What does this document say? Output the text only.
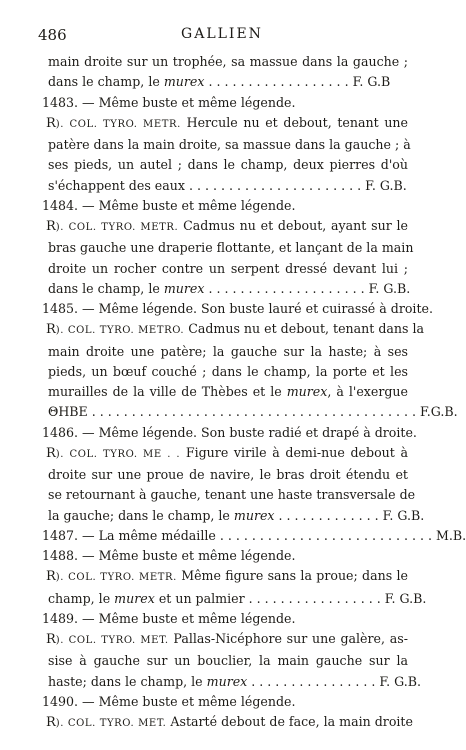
486	GALLIEN
main droite sur un trophée, sa massue dans la gauche ;
dans le champ, le murex . . . . . . . . . . . . . . . . . . F. G.B
1483. — Même buste et même légende.
R). COL. TYRO. METR. Hercule nu et debout, tenant une
patère dans la main droite, sa massue dans la gauche ; à
ses pieds, un autel ; dans le champ, deux pierres d'où
s'échappent des eaux . . . . . . . . . . . . . . . . . . . . . . F. G.B.
1484. — Même buste et même légende.
R). COL. TYRO. METR. Cadmus nu et debout, ayant sur le
bras gauche une draperie flottante, et lançant de la main
droite un rocher contre un serpent dressé devant lui ;
dans le champ, le murex . . . . . . . . . . . . . . . . . . . . F. G.B.
1485. — Même légende. Son buste lauré et cuirassé à droite.
R). COL. TYRO. METRO. Cadmus nu et debout, tenant dans la
main droite une patère; la gauche sur la haste; à ses
pieds, un bœuf couché ; dans le champ, la porte et les
murailles de la ville de Thèbes et le murex, à l'exergue
ΘΗΒΕ . . . . . . . . . . . . . . . . . . . . . . . . . . . . . . . . . . . . . . . . . F.G.B.
1486. — Même légende. Son buste radié et drapé à droite.
R). COL. TYRO. ME . . Figure virile à demi-nue debout à
droite sur une proue de navire, le bras droit étendu et
se retournant à gauche, tenant une haste transversale de
la gauche; dans le champ, le murex . . . . . . . . . . . . . F. G.B.
1487. — La même médaille . . . . . . . . . . . . . . . . . . . . . . . . . . . M.B.
1488. — Même buste et même légende.
R). COL. TYRO. METR. Même figure sans la proue; dans le
champ, le murex et un palmier . . . . . . . . . . . . . . . . . F. G.B.
1489. — Même buste et même légende.
R). COL. TYRO. MET. Pallas-Nicéphore sur une galère, as-
sise à gauche sur un bouclier, la main gauche sur la
haste; dans le champ, le murex . . . . . . . . . . . . . . . . F. G.B.
1490. — Même buste et même légende.
R). COL. TYRO. MET. Astarté debout de face, la main droite
